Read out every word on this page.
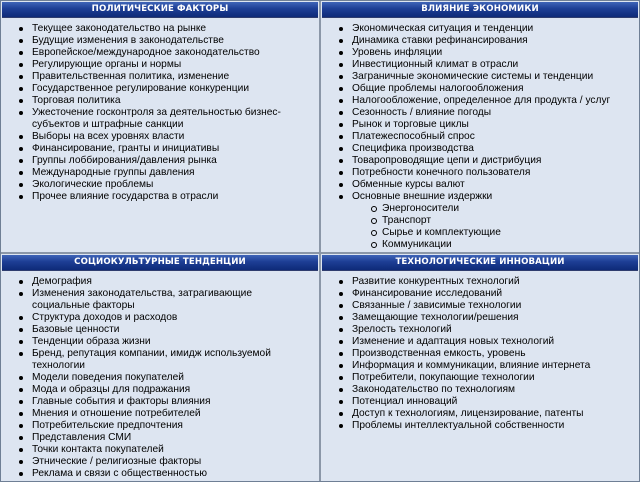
ПОЛИТИЧЕСКИЕ ФАКТОРЫ
Текущее законодательство на рынке
Будущие изменения в законодательстве
Европейское/международное законодательство
Регулирующие органы и нормы
Правительственная политика, изменение
Государственное регулирование конкуренции
Торговая политика
Ужесточение госконтроля за деятельностью бизнес-субъектов и штрафные санкции
Выборы на всех уровнях власти
Финансирование, гранты и инициативы
Группы лоббирования/давления рынка
Международные группы давления
Экологические проблемы
Прочее влияние государства в отрасли
ВЛИЯНИЕ ЭКОНОМИКИ
Экономическая ситуация и тенденции
Динамика ставки рефинансирования
Уровень инфляции
Инвестиционный климат в отрасли
Заграничные экономические системы и тенденции
Общие проблемы налогообложения
Налогообложение, определенное для продукта / услуг
Сезонность / влияние погоды
Рынок и торговые циклы
Платежеспособный спрос
Специфика производства
Товаропроводящие цепи и дистрибуция
Потребности конечного пользователя
Обменные курсы валют
Основные внешние издержки
Энергоносители
Транспорт
Сырье и комплектующие
Коммуникации
СОЦИОКУЛЬТУРНЫЕ ТЕНДЕНЦИИ
Демография
Изменения законодательства, затрагивающие социальные факторы
Структура доходов и расходов
Базовые ценности
Тенденции образа жизни
Бренд, репутация компании, имидж используемой технологии
Модели поведения покупателей
Мода и образцы для подражания
Главные события и факторы влияния
Мнения и отношение потребителей
Потребительские предпочтения
Представления СМИ
Точки контакта покупателей
Этнические / религиозные факторы
Реклама и связи с общественностью
ТЕХНОЛОГИЧЕСКИЕ ИННОВАЦИИ
Развитие конкурентных технологий
Финансирование исследований
Связанные / зависимые технологии
Замещающие технологии/решения
Зрелость технологий
Изменение и адаптация новых технологий
Производственная емкость, уровень
Информация и коммуникации, влияние интернета
Потребители, покупающие технологии
Законодательство по технологиям
Потенциал инноваций
Доступ к технологиям, лицензирование, патенты
Проблемы интеллектуальной собственности
